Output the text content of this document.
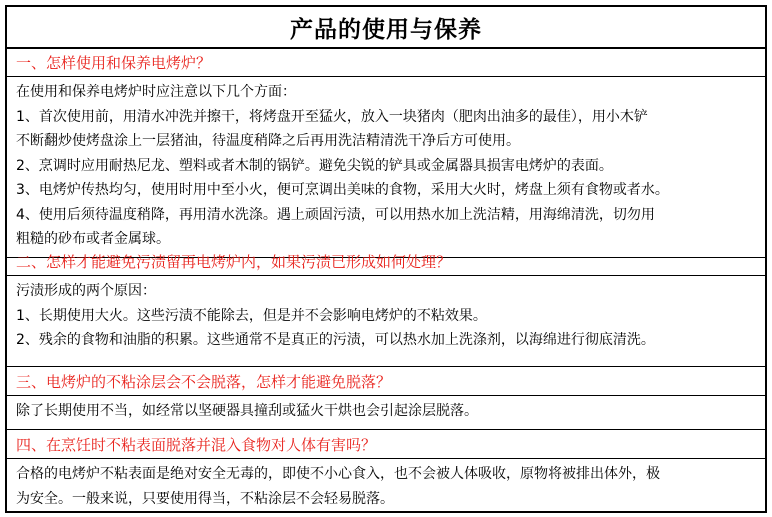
产品的使用与保养
一、怎样使用和保养电烤炉？
在使用和保养电烤炉时应注意以下几个方面：
1、首次使用前，用清水冲洗并擦干，将烤盘开至猛火，放入一块猪肉（肥肉出油多的最佳），用小木铲
不断翻炒使烤盘涂上一层猪油，待温度稍降之后再用洗洁精清洗干净后方可使用。
2、烹调时应用耐热尼龙、塑料或者木制的锅铲。避免尖锐的铲具或金属器具损害电烤炉的表面。
3、电烤炉传热均匀，使用时用中至小火，便可烹调出美味的食物，采用大火时，烤盘上须有食物或者水。
4、使用后须待温度稍降，再用清水洗涤。遇上顽固污渍，可以用热水加上洗洁精，用海绵清洗，切勿用
粗糙的砂布或者金属球。
二、怎样才能避免污渍留再电烤炉内，如果污渍已形成如何处理？
污渍形成的两个原因：
1、长期使用大火。这些污渍不能除去，但是并不会影响电烤炉的不粘效果。
2、残余的食物和油脂的积累。这些通常不是真正的污渍，可以热水加上洗涤剂，以海绵进行彻底清洗。
三、电烤炉的不粘涂层会不会脱落，怎样才能避免脱落？
除了长期使用不当，如经常以坚硬器具撞刮或猛火干烘也会引起涂层脱落。
四、在烹饪时不粘表面脱落并混入食物对人体有害吗？
合格的电烤炉不粘表面是绝对安全无毒的，即使不小心食入，也不会被人体吸收，原物将被排出体外，极
为安全。一般来说，只要使用得当，不粘涂层不会轻易脱落。
